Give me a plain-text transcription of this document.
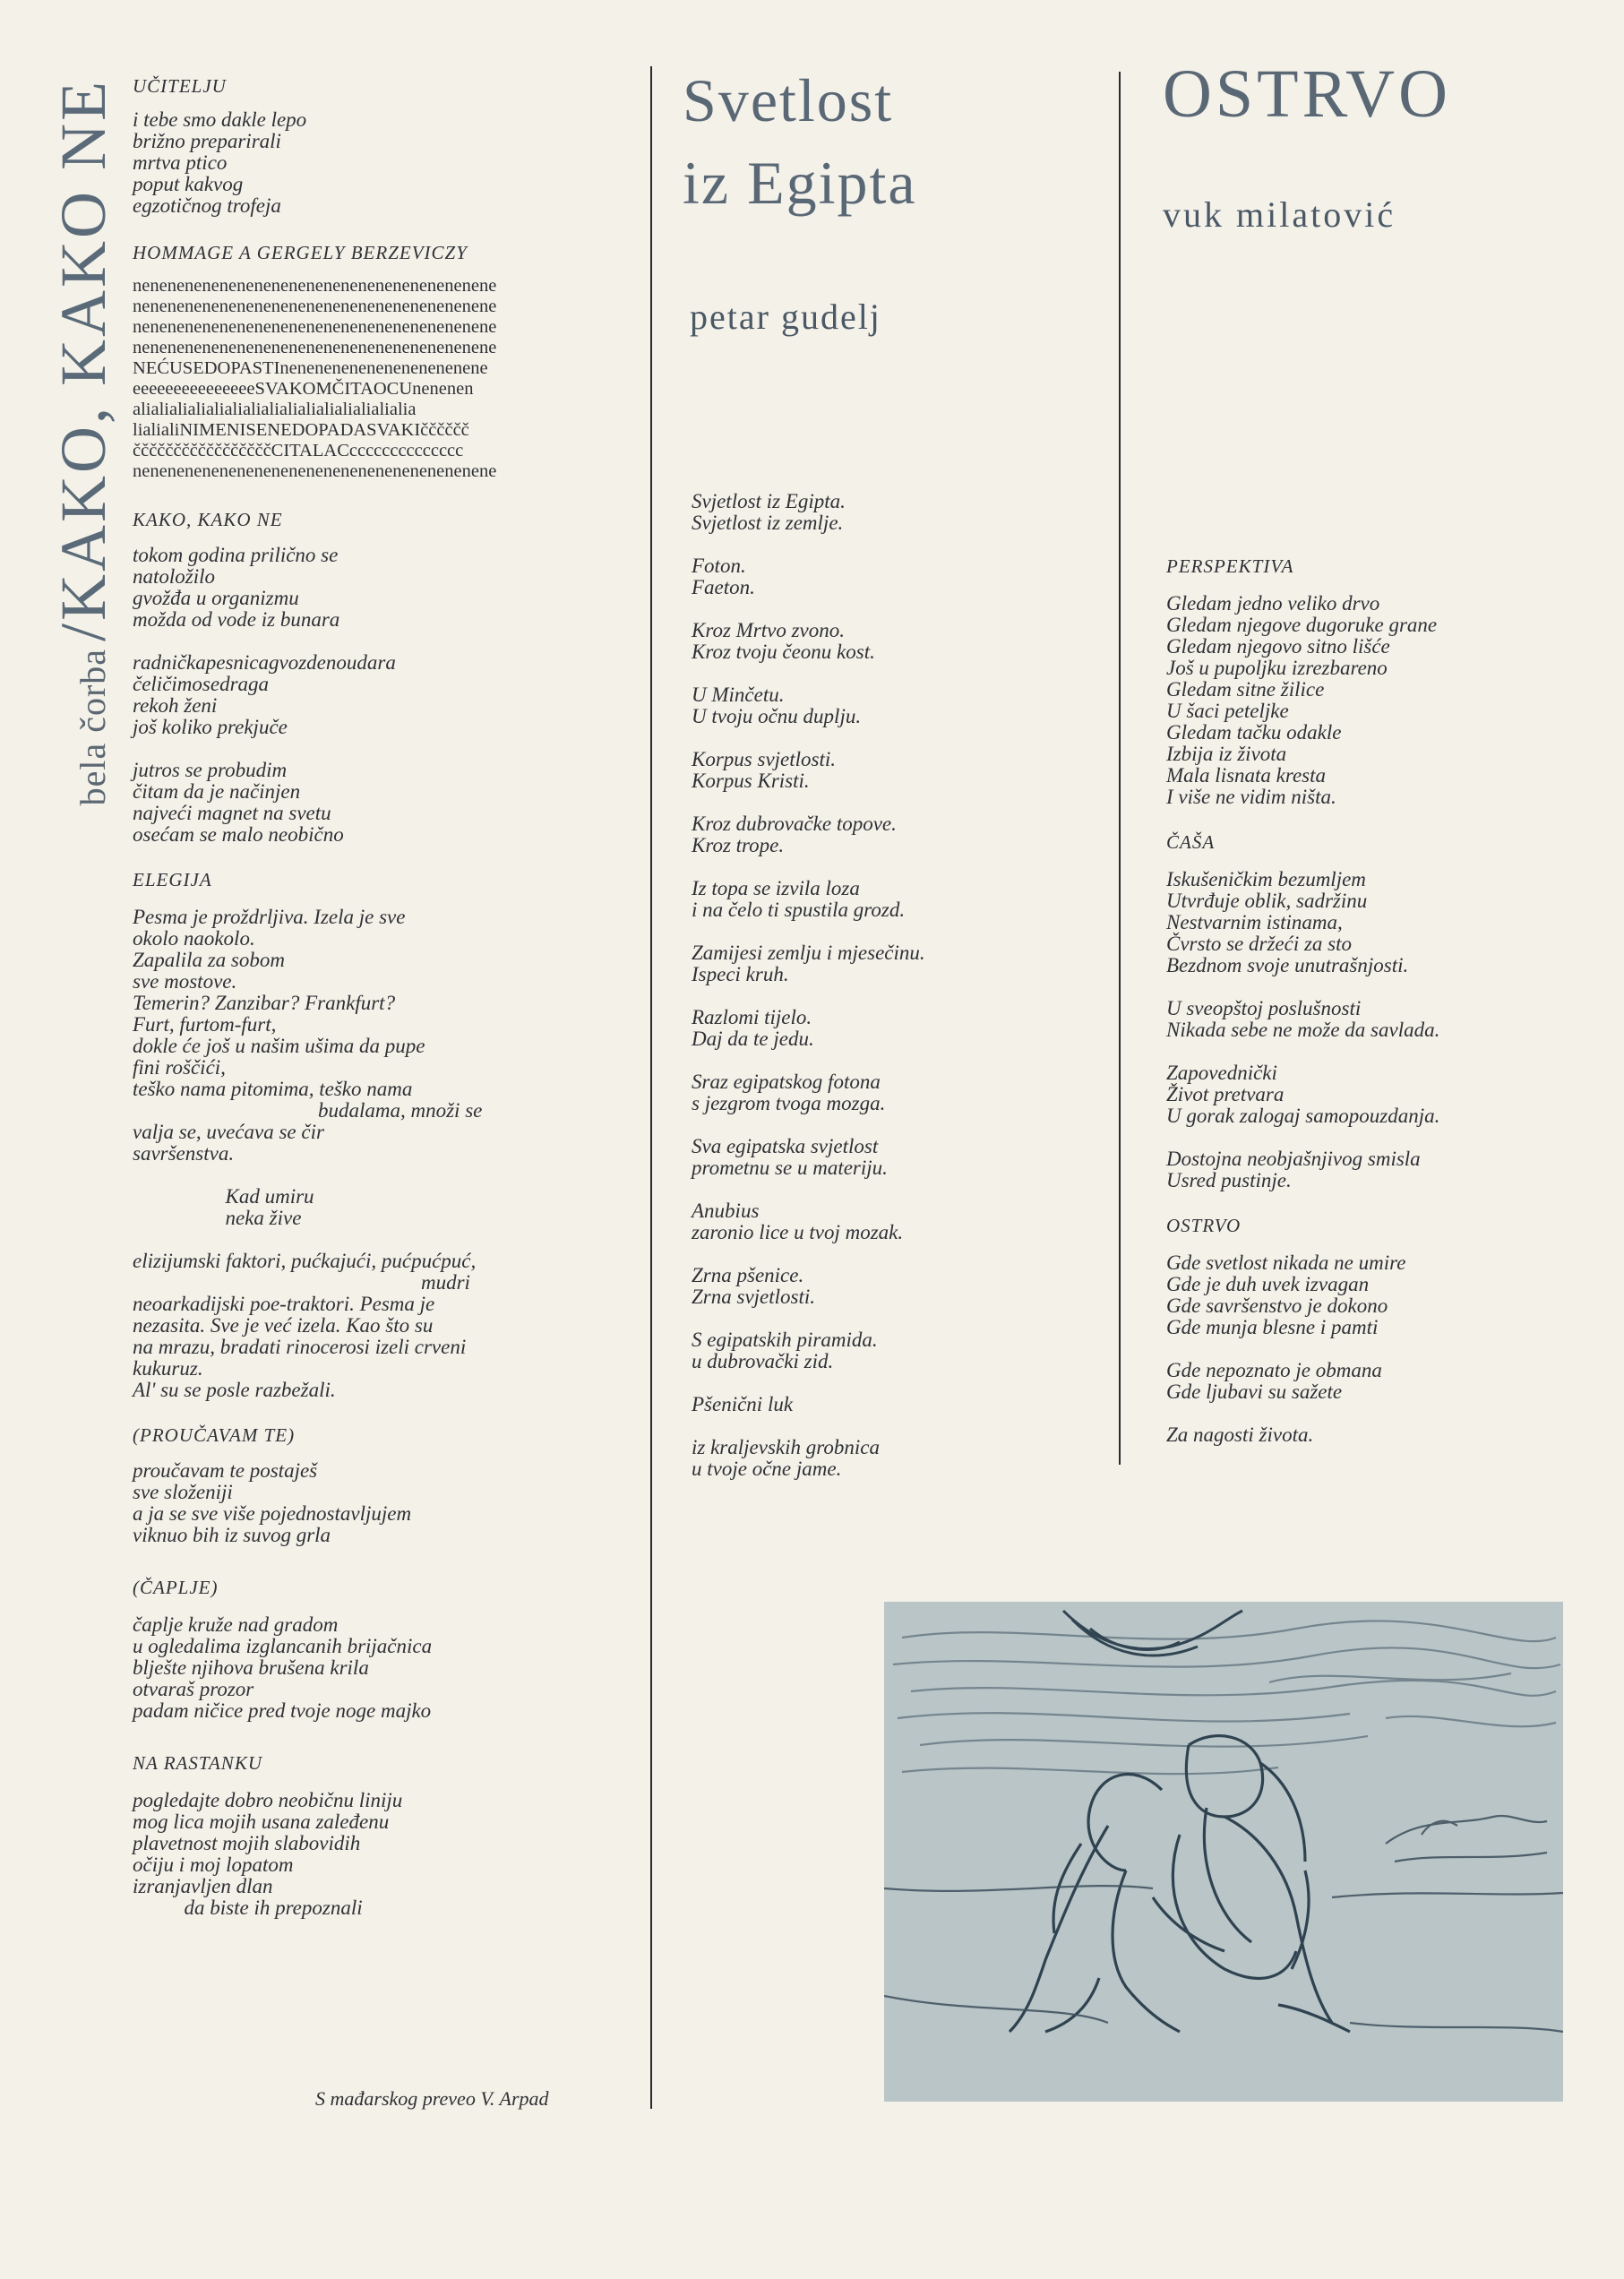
bela čorba
/
KAKO, KAKO NE UČITELJU
i tebe smo dakle lepo
brižno preparirali
mrtva ptico
poput kakvog
egzotičnog trofeja
HOMMAGE A GERGELY BERZEVICZY
nenenenenenenenenenenenenenenenenenenenene
nenenenenenenenenenenenenenenenenenenenene
nenenenenenenenenenenenenenenenenenenenene
nenenenenenenenenenenenenenenenenenenenene
NEĆUSEDOPASTInenenenenenenenenenenene
eeeeeeeeeeeeeeeSVAKOMČITAOCUnenenen
alialialialialialialialialialialialialialialia
lialialiNIMENISENEDOPADASVAKIčččččč
čččččččččččččččččCITALACcccccccccccccc
nenenenenenenenenenenenenenenenenenenenene
KAKO, KAKO NE
tokom godina prilično se
natoložilo
gvožđa u organizmu
možda od vode iz bunara
radničkapesnicagvozdenoudara
čeličimosedraga
rekoh ženi
još koliko prekjuče
jutros se probudim
čitam da je načinjen
najveći magnet na svetu
osećam se malo neobično
ELEGIJA
Pesma je proždrljiva. Izela je sve
okolo naokolo.
Zapalila za sobom
sve mostove.
Temerin? Zanzibar? Frankfurt?
Furt, furtom-furt,
dokle će još u našim ušima da pupe
fini roščići,
teško nama pitomima, teško nama
budalama, množi se
valja se, uvećava se čir
savršenstva.
Kad umiru
neka žive
elizijumski faktori, pućkajući, pućpućpuć,
mudri
neoarkadijski poe-traktori. Pesma je
nezasita. Sve je već izela. Kao što su
na mrazu, bradati rinocerosi izeli crveni
kukuruz.
Al' su se posle razbežali.
(PROUČAVAM TE)
proučavam te postaješ
sve složeniji
a ja se sve više pojednostavljujem
viknuo bih iz suvog grla
(ČAPLJE)
čaplje kruže nad gradom
u ogledalima izglancanih brijačnica
blješte njihova brušena krila
otvaraš prozor
padam ničice pred tvoje noge majko
NA RASTANKU
pogledajte dobro neobičnu liniju
mog lica mojih usana zaleđenu
plavetnost mojih slabovidih
očiju i moj lopatom
izranjavljen dlan
da biste ih prepoznali
S mađarskog preveo V. Arpad
Svetlost
iz Egipta
petar gudelj
Svjetlost iz Egipta.
Svjetlost iz zemlje.
Foton.
Faeton.
Kroz Mrtvo zvono.
Kroz tvoju čeonu kost.
U Minčetu.
U tvoju očnu duplju.
Korpus svjetlosti.
Korpus Kristi.
Kroz dubrovačke topove.
Kroz trope.
Iz topa se izvila loza
i na čelo ti spustila grozd.
Zamijesi zemlju i mjesečinu.
Ispeci kruh.
Razlomi tijelo.
Daj da te jedu.
Sraz egipatskog fotona
s jezgrom tvoga mozga.
Sva egipatska svjetlost
prometnu se u materiju.
Anubius
zaronio lice u tvoj mozak.
Zrna pšenice.
Zrna svjetlosti.
S egipatskih piramida.
u dubrovački zid.
Pšenični luk
iz kraljevskih grobnica
u tvoje očne jame.
OSTRVO
vuk milatović
PERSPEKTIVA
Gledam jedno veliko drvo
Gledam njegove dugoruke grane
Gledam njegovo sitno lišće
Još u pupoljku izrezbareno
Gledam sitne žilice
U šaci peteljke
Gledam tačku odakle
Izbija iz života
Mala lisnata kresta
I više ne vidim ništa.
ČAŠA
Iskušeničkim bezumljem
Utvrđuje oblik, sadržinu
Nestvarnim istinama,
Čvrsto se držeći za sto
Bezdnom svoje unutrašnjosti.
U sveopštoj poslušnosti
Nikada sebe ne može da savlada.
Zapovednički
Život pretvara
U gorak zalogaj samopouzdanja.
Dostojna neobjašnjivog smisla
Usred pustinje.
OSTRVO
Gde svetlost nikada ne umire
Gde je duh uvek izvagan
Gde savršenstvo je dokono
Gde munja blesne i pamti
Gde nepoznato je obmana
Gde ljubavi su sažete
Za nagosti života.
